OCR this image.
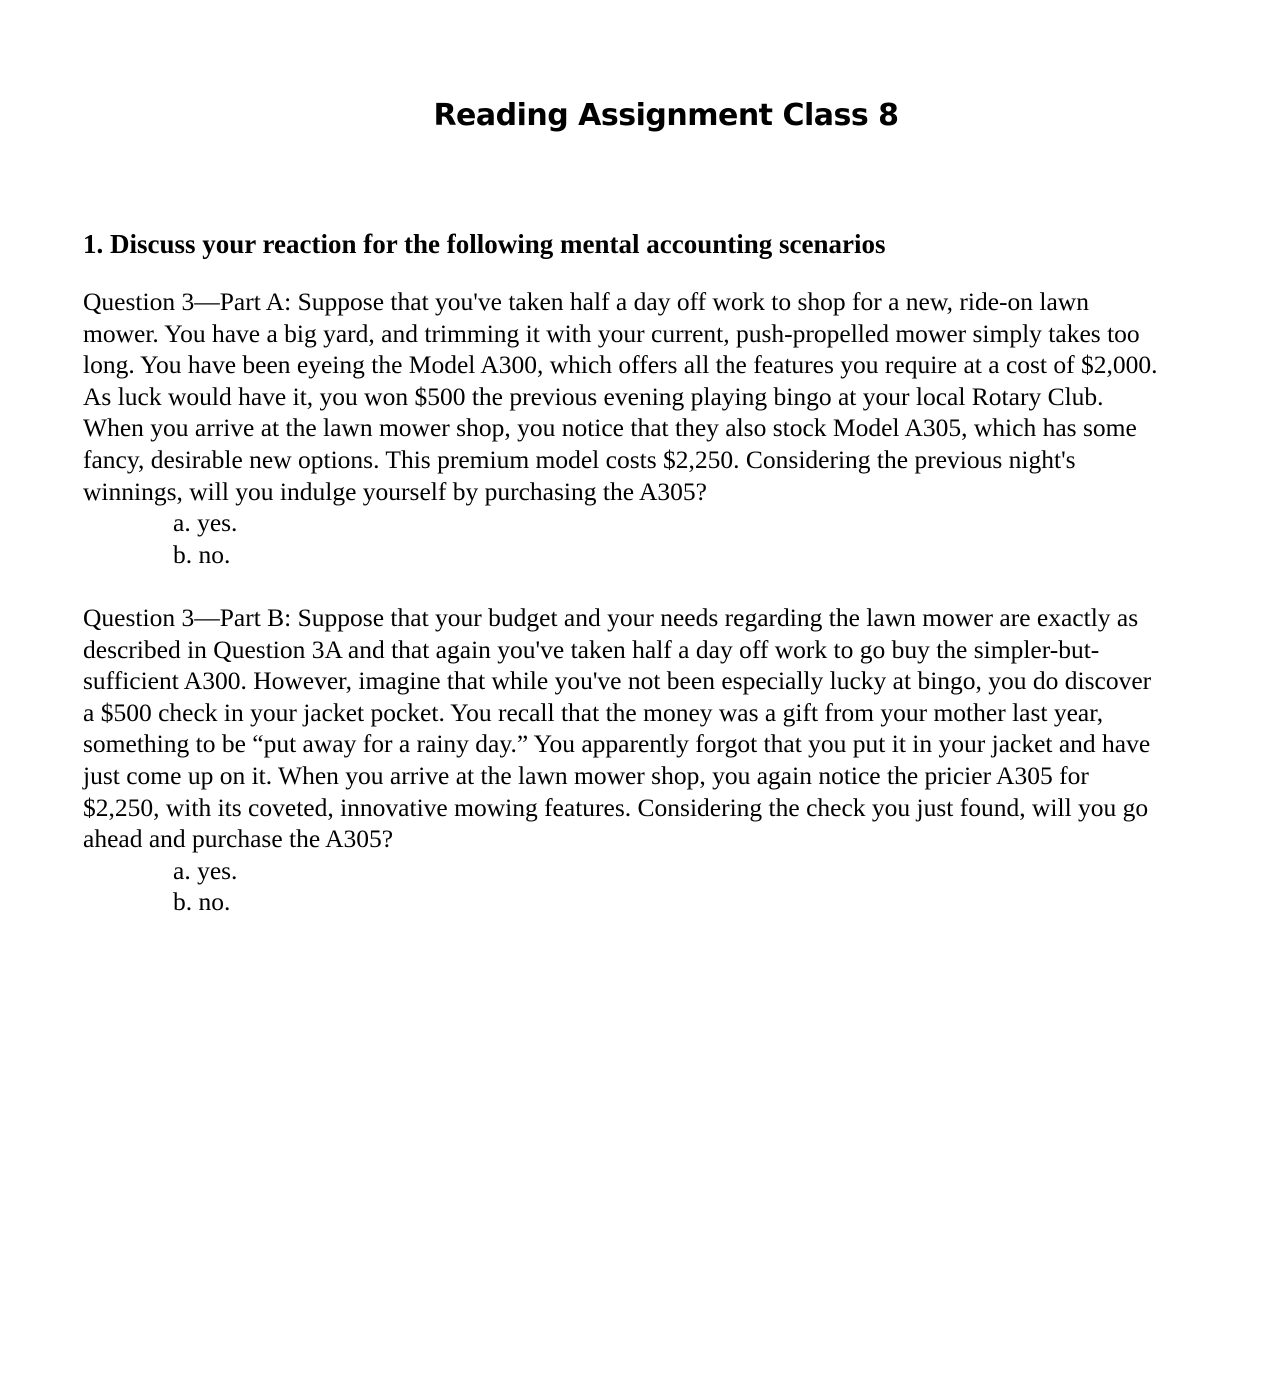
Reading Assignment Class 8
1. Discuss your reaction for the following mental accounting scenarios
Question 3—Part A: Suppose that you've taken half a day off work to shop for a new, ride-on lawn
mower. You have a big yard, and trimming it with your current, push-propelled mower simply takes too
long. You have been eyeing the Model A300, which offers all the features you require at a cost of $2,000.
As luck would have it, you won $500 the previous evening playing bingo at your local Rotary Club.
When you arrive at the lawn mower shop, you notice that they also stock Model A305, which has some
fancy, desirable new options. This premium model costs $2,250. Considering the previous night's
winnings, will you indulge yourself by purchasing the A305?
a. yes.
b. no.
Question 3—Part B: Suppose that your budget and your needs regarding the lawn mower are exactly as
described in Question 3A and that again you've taken half a day off work to go buy the simpler-but-
sufficient A300. However, imagine that while you've not been especially lucky at bingo, you do discover
a $500 check in your jacket pocket. You recall that the money was a gift from your mother last year,
something to be “put away for a rainy day.” You apparently forgot that you put it in your jacket and have
just come up on it. When you arrive at the lawn mower shop, you again notice the pricier A305 for
$2,250, with its coveted, innovative mowing features. Considering the check you just found, will you go
ahead and purchase the A305?
a. yes.
b. no.
